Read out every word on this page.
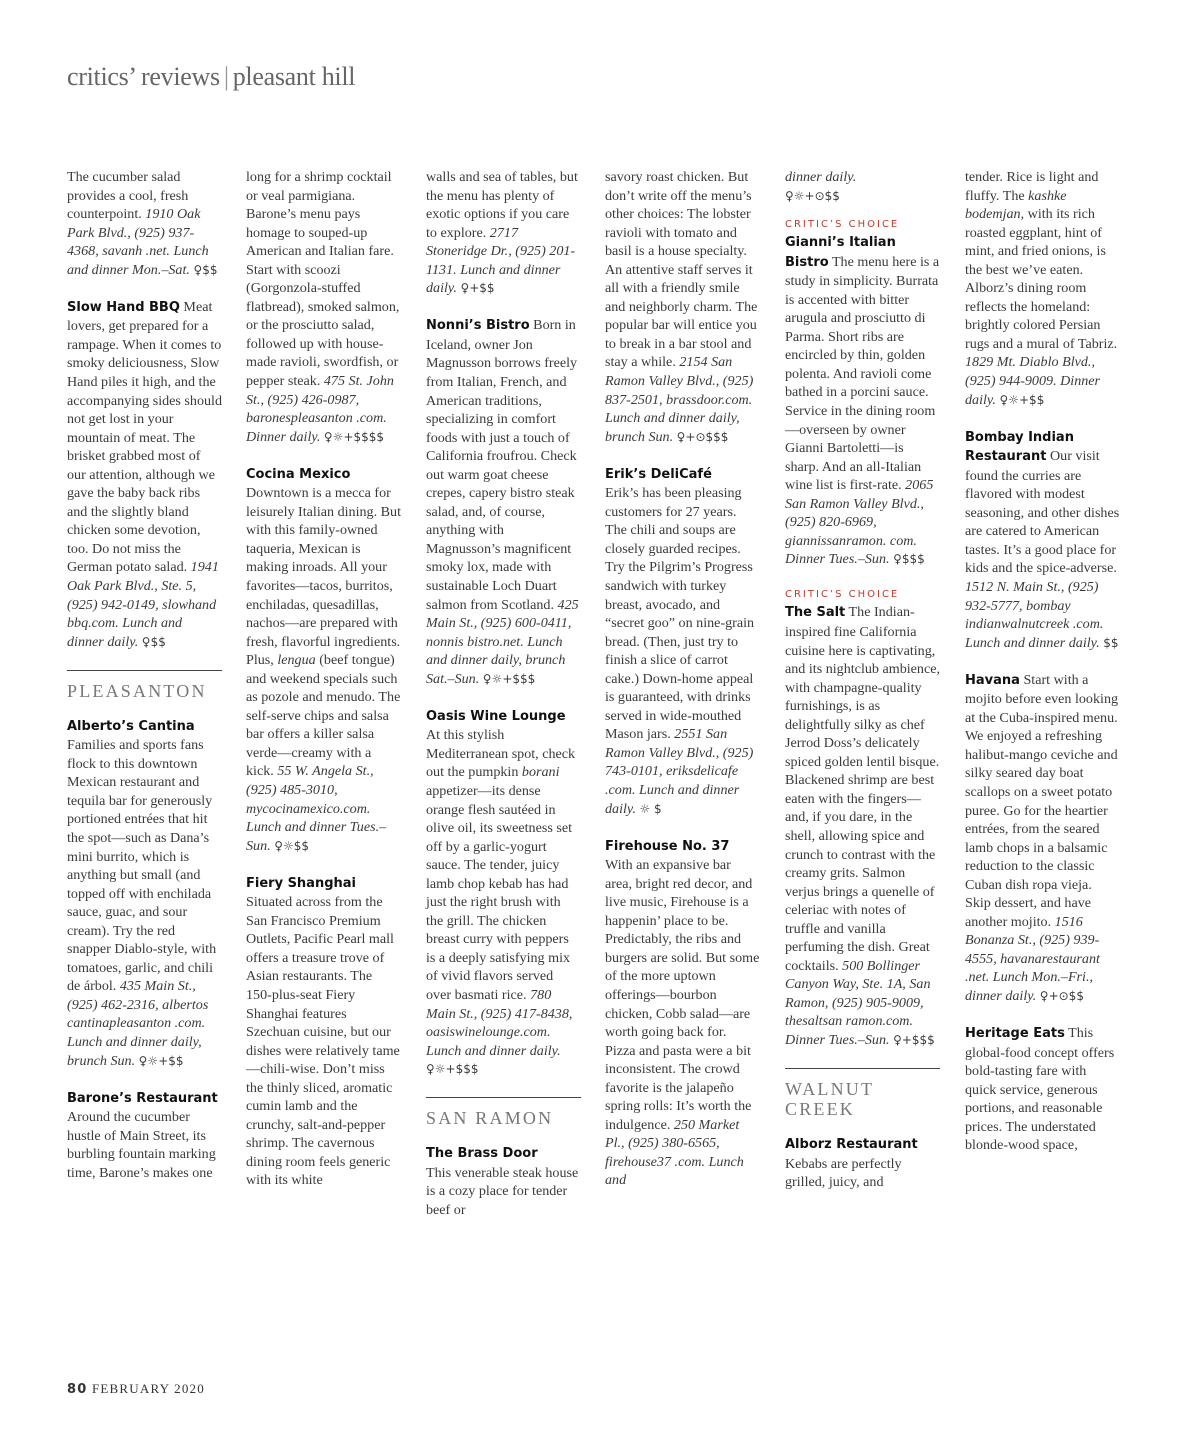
critics’ reviews | pleasant hill

The cucumber salad provides a cool, fresh counterpoint. 1910 Oak Park Blvd., (925) 937-4368, savanh .net. Lunch and dinner Mon.–Sat. ♀$$

Slow Hand BBQ Meat lovers, get prepared for a rampage. When it comes to smoky deliciousness, Slow Hand piles it high, and the accompanying sides should not get lost in your mountain of meat. The brisket grabbed most of our attention, although we gave the baby back ribs and the slightly bland chicken some devotion, too. Do not miss the German potato salad. 1941 Oak Park Blvd., Ste. 5, (925) 942-0149, slowhand bbq.com. Lunch and dinner daily. ♀$$

PLEASANTON

Alberto’s Cantina
Families and sports fans flock to this downtown Mexican restaurant and tequila bar for generously portioned entrées that hit the spot—such as Dana’s mini burrito, which is anything but small (and topped off with enchilada sauce, guac, and sour cream). Try the red snapper Diablo-style, with tomatoes, garlic, and chili de árbol. 435 Main St., (925) 462-2316, albertos cantinapleasanton .com. Lunch and dinner daily, brunch Sun. ♀☼+$$

Barone’s Restaurant
Around the cucumber hustle of Main Street, its burbling fountain marking time, Barone’s makes one

long for a shrimp cocktail or veal parmigiana. Barone’s menu pays homage to souped-up American and Italian fare. Start with scoozi (Gorgonzola-stuffed flatbread), smoked salmon, or the prosciutto salad, followed up with house-made ravioli, swordfish, or pepper steak. 475 St. John St., (925) 426-0987, baronespleasanton .com. Dinner daily. ♀☼+$$$$

Cocina Mexico
Downtown is a mecca for leisurely Italian dining. But with this family-owned taqueria, Mexican is making inroads. All your favorites—tacos, burritos, enchiladas, quesadillas, nachos—are prepared with fresh, flavorful ingredients. Plus, lengua (beef tongue) and weekend specials such as pozole and menudo. The self-serve chips and salsa bar offers a killer salsa verde—creamy with a kick. 55 W. Angela St., (925) 485-3010, mycocinamexico.com. Lunch and dinner Tues.–Sun. ♀☼$$

Fiery Shanghai
Situated across from the San Francisco Premium Outlets, Pacific Pearl mall offers a treasure trove of Asian restaurants. The 150-plus-seat Fiery Shanghai features Szechuan cuisine, but our dishes were relatively tame—chili-wise. Don’t miss the thinly sliced, aromatic cumin lamb and the crunchy, salt-and-pepper shrimp. The cavernous dining room feels generic with its white

walls and sea of tables, but the menu has plenty of exotic options if you care to explore. 2717 Stoneridge Dr., (925) 201-1131. Lunch and dinner daily. ♀+$$

Nonni’s Bistro Born in Iceland, owner Jon Magnusson borrows freely from Italian, French, and American traditions, specializing in comfort foods with just a touch of California froufrou. Check out warm goat cheese crepes, capery bistro steak salad, and, of course, anything with Magnusson’s magnificent smoky lox, made with sustainable Loch Duart salmon from Scotland. 425 Main St., (925) 600-0411, nonnis bistro.net. Lunch and dinner daily, brunch Sat.–Sun. ♀☼+$$$

Oasis Wine Lounge
At this stylish Mediterranean spot, check out the pumpkin borani appetizer—its dense orange flesh sautéed in olive oil, its sweetness set off by a garlic-yogurt sauce. The tender, juicy lamb chop kebab has had just the right brush with the grill. The chicken breast curry with peppers is a deeply satisfying mix of vivid flavors served over basmati rice. 780 Main St., (925) 417-8438, oasiswinelounge.com. Lunch and dinner daily. ♀☼+$$$

SAN RAMON

The Brass Door
This venerable steak house is a cozy place for tender beef or

savory roast chicken. But don’t write off the menu’s other choices: The lobster ravioli with tomato and basil is a house specialty. An attentive staff serves it all with a friendly smile and neighborly charm. The popular bar will entice you to break in a bar stool and stay a while. 2154 San Ramon Valley Blvd., (925) 837-2501, brassdoor.com. Lunch and dinner daily, brunch Sun. ♀+⊙$$$

Erik’s DeliCafé
Erik’s has been pleasing customers for 27 years. The chili and soups are closely guarded recipes. Try the Pilgrim’s Progress sandwich with turkey breast, avocado, and “secret goo” on nine-grain bread. (Then, just try to finish a slice of carrot cake.) Down-home appeal is guaranteed, with drinks served in wide-mouthed Mason jars. 2551 San Ramon Valley Blvd., (925) 743-0101, eriksdelicafe .com. Lunch and dinner daily. ☼ $

Firehouse No. 37
With an expansive bar area, bright red decor, and live music, Firehouse is a happenin’ place to be. Predictably, the ribs and burgers are solid. But some of the more uptown offerings—bourbon chicken, Cobb salad—are worth going back for. Pizza and pasta were a bit inconsistent. The crowd favorite is the jalapeño spring rolls: It’s worth the indulgence. 250 Market Pl., (925) 380-6565, firehouse37 .com. Lunch and

dinner daily.
♀☼+⊙$$

CRITIC’S CHOICE

Gianni’s Italian Bistro The menu here is a study in simplicity. Burrata is accented with bitter arugula and prosciutto di Parma. Short ribs are encircled by thin, golden polenta. And ravioli come bathed in a porcini sauce. Service in the dining room—overseen by owner Gianni Bartoletti—is sharp. And an all-Italian wine list is first-rate. 2065 San Ramon Valley Blvd., (925) 820-6969, giannissanramon. com. Dinner Tues.–Sun. ♀$$$

CRITIC’S CHOICE

The Salt The Indian-inspired fine California cuisine here is captivating, and its nightclub ambience, with champagne-quality furnishings, is as delightfully silky as chef Jerrod Doss’s delicately spiced golden lentil bisque. Blackened shrimp are best eaten with the fingers—and, if you dare, in the shell, allowing spice and crunch to contrast with the creamy grits. Salmon verjus brings a quenelle of celeriac with notes of truffle and vanilla perfuming the dish. Great cocktails. 500 Bollinger Canyon Way, Ste. 1A, San Ramon, (925) 905-9009, thesaltsan ramon.com. Dinner Tues.–Sun. ♀+$$$

WALNUT CREEK

Alborz Restaurant
Kebabs are perfectly grilled, juicy, and

tender. Rice is light and fluffy. The kashke bodemjan, with its rich roasted eggplant, hint of mint, and fried onions, is the best we’ve eaten. Alborz’s dining room reflects the homeland: brightly colored Persian rugs and a mural of Tabriz. 1829 Mt. Diablo Blvd., (925) 944-9009. Dinner daily. ♀☼+$$

Bombay Indian Restaurant Our visit found the curries are flavored with modest seasoning, and other dishes are catered to American tastes. It’s a good place for kids and the spice-adverse. 1512 N. Main St., (925) 932-5777, bombay indianwalnutcreek .com. Lunch and dinner daily. $$

Havana Start with a mojito before even looking at the Cuba-inspired menu. We enjoyed a refreshing halibut-mango ceviche and silky seared day boat scallops on a sweet potato puree. Go for the heartier entrées, from the seared lamb chops in a balsamic reduction to the classic Cuban dish ropa vieja. Skip dessert, and have another mojito. 1516 Bonanza St., (925) 939-4555, havanarestaurant .net. Lunch Mon.–Fri., dinner daily. ♀+⊙$$

Heritage Eats This global-food concept offers bold-tasting fare with quick service, generous portions, and reasonable prices. The understated blonde-wood space,

80 FEBRUARY 2020
